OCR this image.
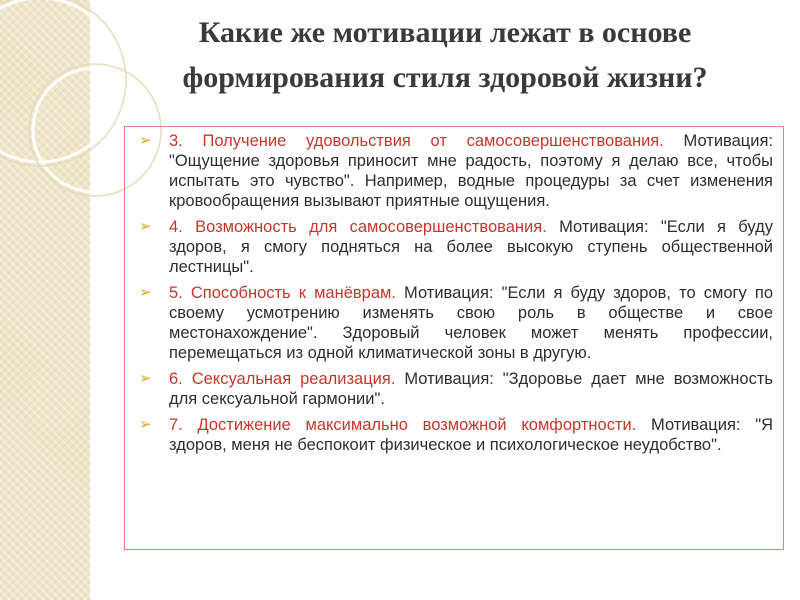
Какие же мотивации лежат в основе
формирования стиля здоровой жизни?
➢ 3. Получение удовольствия от самосовершенствования. Мотивация: "Ощущение здоровья приносит мне радость, поэтому я делаю все, чтобы испытать это чувство". Например, водные процедуры за счет изменения кровообращения вызывают приятные ощущения.
➢ 4. Возможность для самосовершенствования. Мотивация: "Если я буду здоров, я смогу подняться на более высокую ступень общественной лестницы".
➢ 5. Способность к манёврам. Мотивация: "Если я буду здоров, то смогу по своему усмотрению изменять свою роль в обществе и свое местонахождение". Здоровый человек может менять профессии, перемещаться из одной климатической зоны в другую.
➢ 6. Сексуальная реализация. Мотивация: "Здоровье дает мне возможность для сексуальной гармонии".
➢ 7. Достижение максимально возможной комфортности. Мотивация: "Я здоров, меня не беспокоит физическое и психологическое неудобство".
